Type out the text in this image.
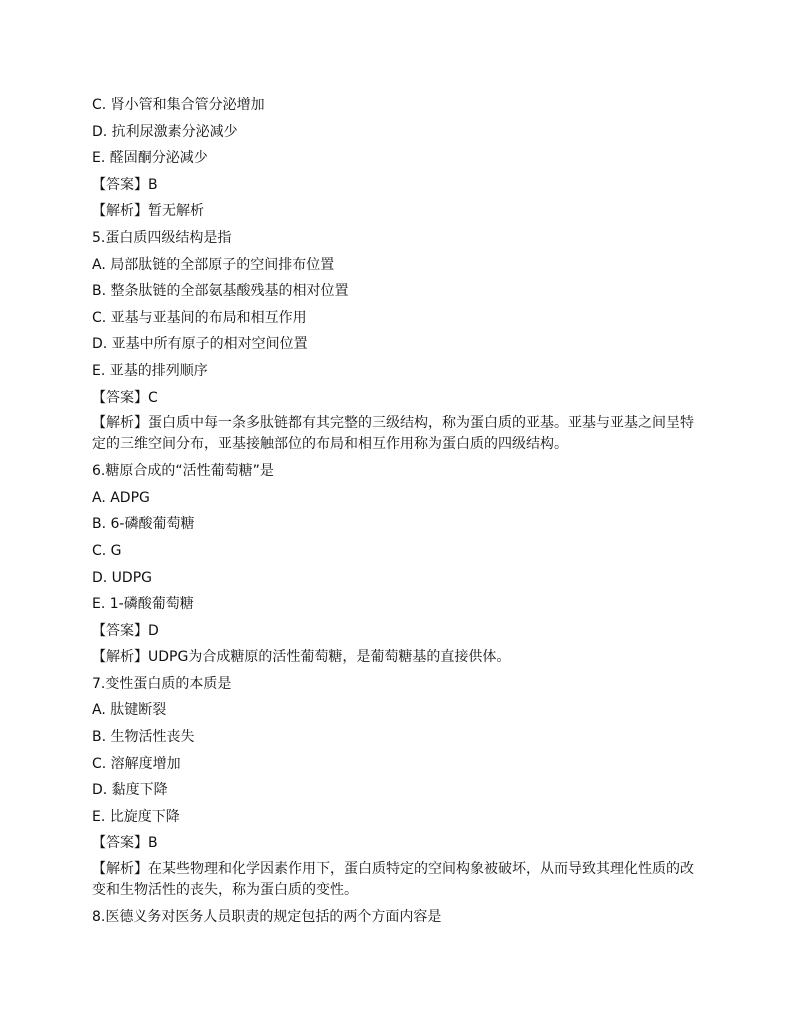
C. 肾小管和集合管分泌增加
D. 抗利尿激素分泌减少
E. 醛固酮分泌减少
【答案】B
【解析】暂无解析
5.蛋白质四级结构是指
A. 局部肽链的全部原子的空间排布位置
B. 整条肽链的全部氨基酸残基的相对位置
C. 亚基与亚基间的布局和相互作用
D. 亚基中所有原子的相对空间位置
E. 亚基的排列顺序
【答案】C
【解析】蛋白质中每一条多肽链都有其完整的三级结构，称为蛋白质的亚基。亚基与亚基之间呈特定的三维空间分布，亚基接触部位的布局和相互作用称为蛋白质的四级结构。
6.糖原合成的“活性葡萄糖”是
A. ADPG
B. 6-磷酸葡萄糖
C. G
D. UDPG
E. 1-磷酸葡萄糖
【答案】D
【解析】UDPG为合成糖原的活性葡萄糖，是葡萄糖基的直接供体。
7.变性蛋白质的本质是
A. 肽键断裂
B. 生物活性丧失
C. 溶解度增加
D. 黏度下降
E. 比旋度下降
【答案】B
【解析】在某些物理和化学因素作用下，蛋白质特定的空间构象被破坏，从而导致其理化性质的改变和生物活性的丧失，称为蛋白质的变性。
8.医德义务对医务人员职责的规定包括的两个方面内容是
